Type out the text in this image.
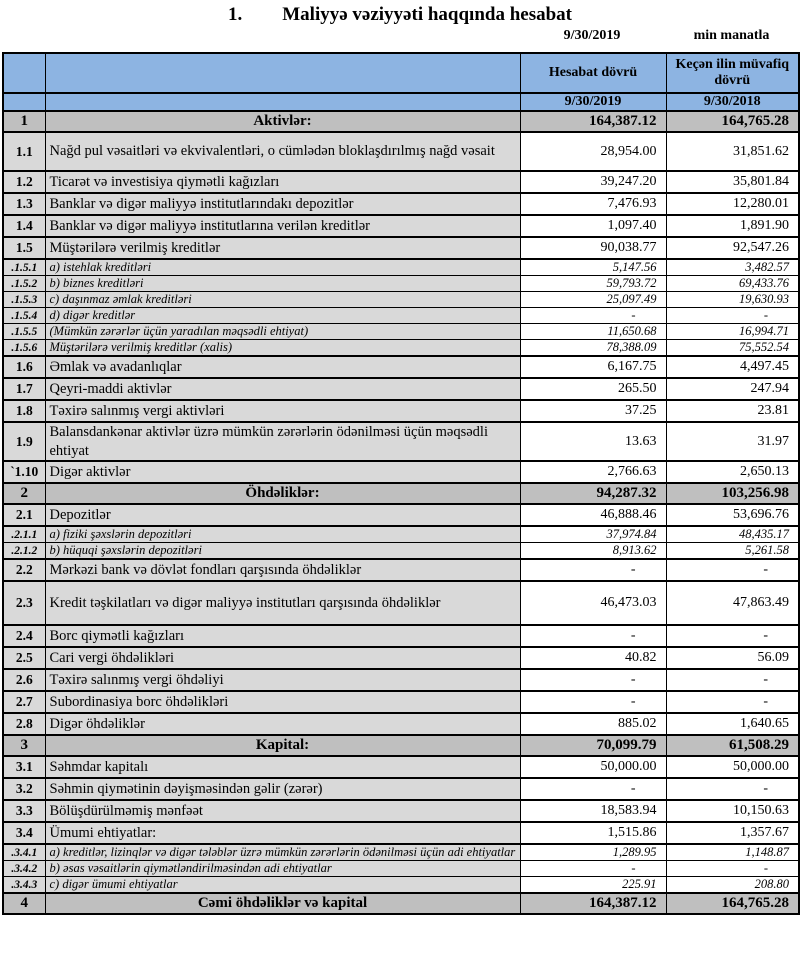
1. Maliyyə vəziyyəti haqqında hesabat
9/30/2019	min manatla
		Hesabat dövrü	Keçən ilin müvafiq dövrü
		9/30/2019	9/30/2018
1	Aktivlər:	164,387.12	164,765.28
1.1	Nağd pul vəsaitləri və ekvivalentləri, o cümlədən bloklaşdırılmış nağd vəsait	28,954.00	31,851.62
1.2	Ticarət və investisiya qiymətli kağızları	39,247.20	35,801.84
1.3	Banklar və digər maliyyə institutlarındakı depozitlər	7,476.93	12,280.01
1.4	Banklar və digər maliyyə institutlarına verilən kreditlər	1,097.40	1,891.90
1.5	Müştərilərə verilmiş kreditlər	90,038.77	92,547.26
.1.5.1	a) istehlak kreditləri	5,147.56	3,482.57
.1.5.2	b) biznes kreditləri	59,793.72	69,433.76
.1.5.3	c) daşınmaz əmlak kreditləri	25,097.49	19,630.93
.1.5.4	d) digər kreditlər	-	-
.1.5.5	(Mümkün zərərlər üçün yaradılan məqsədli ehtiyat)	11,650.68	16,994.71
.1.5.6	Müştərilərə verilmiş kreditlər (xalis)	78,388.09	75,552.54
1.6	Əmlak və avadanlıqlar	6,167.75	4,497.45
1.7	Qeyri-maddi aktivlər	265.50	247.94
1.8	Təxirə salınmış vergi aktivləri	37.25	23.81
1.9	Balansdankənar aktivlər üzrə mümkün zərərlərin ödənilməsi üçün məqsədli ehtiyat	13.63	31.97
`1.10	Digər aktivlər	2,766.63	2,650.13
2	Öhdəliklər:	94,287.32	103,256.98
2.1	Depozitlər	46,888.46	53,696.76
.2.1.1	a) fiziki şəxslərin depozitləri	37,974.84	48,435.17
.2.1.2	b) hüquqi şəxslərin depozitləri	8,913.62	5,261.58
2.2	Mərkəzi bank və dövlət fondları qarşısında öhdəliklər	-	-
2.3	Kredit təşkilatları və digər maliyyə institutları qarşısında öhdəliklər	46,473.03	47,863.49
2.4	Borc qiymətli kağızları	-	-
2.5	Cari vergi öhdəlikləri	40.82	56.09
2.6	Təxirə salınmış vergi öhdəliyi	-	-
2.7	Subordinasiya borc öhdəlikləri	-	-
2.8	Digər öhdəliklər	885.02	1,640.65
3	Kapital:	70,099.79	61,508.29
3.1	Səhmdar kapitalı	50,000.00	50,000.00
3.2	Səhmin qiymətinin dəyişməsindən gəlir (zərər)	-	-
3.3	Bölüşdürülməmiş mənfəət	18,583.94	10,150.63
3.4	Ümumi ehtiyatlar:	1,515.86	1,357.67
.3.4.1	a) kreditlər, lizinqlər və digər tələblər üzrə mümkün zərərlərin ödənilməsi üçün adi ehtiyatlar	1,289.95	1,148.87
.3.4.2	b) əsas vəsaitlərin qiymətləndirilməsindən adi ehtiyatlar	-	-
.3.4.3	c) digər ümumi ehtiyatlar	225.91	208.80
4	Cəmi öhdəliklər və kapital	164,387.12	164,765.28
